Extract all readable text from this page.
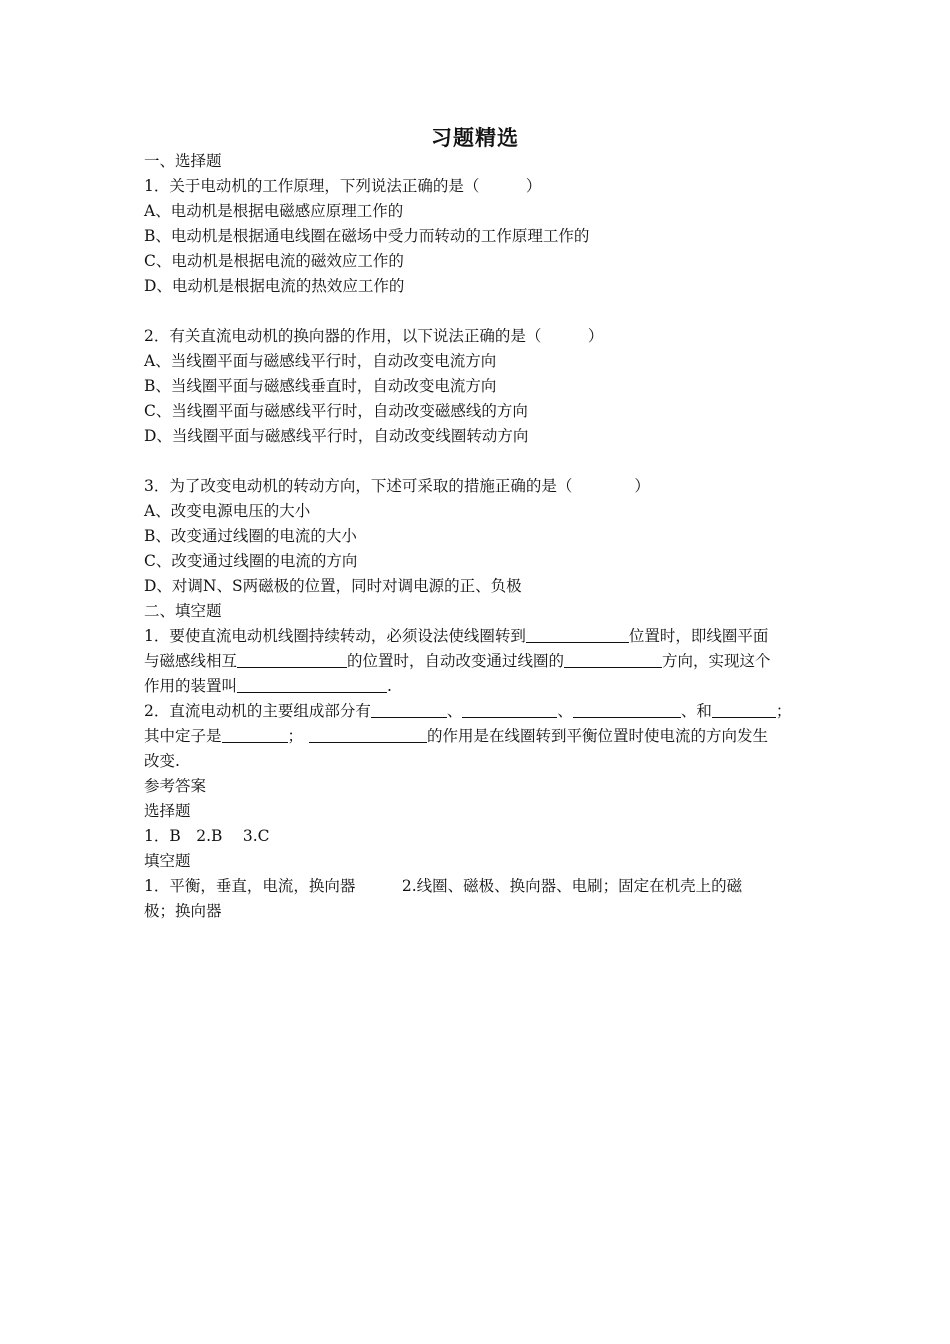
习题精选
一、选择题
1．关于电动机的工作原理，下列说法正确的是（　　　）
A、电动机是根据电磁感应原理工作的
B、电动机是根据通电线圈在磁场中受力而转动的工作原理工作的
C、电动机是根据电流的磁效应工作的
D、电动机是根据电流的热效应工作的
2．有关直流电动机的换向器的作用，以下说法正确的是（　　　）
A、当线圈平面与磁感线平行时，自动改变电流方向
B、当线圈平面与磁感线垂直时，自动改变电流方向
C、当线圈平面与磁感线平行时，自动改变磁感线的方向
D、当线圈平面与磁感线平行时，自动改变线圈转动方向
3．为了改变电动机的转动方向，下述可采取的措施正确的是（　　　　）
A、改变电源电压的大小
B、改变通过线圈的电流的大小
C、改变通过线圈的电流的方向
D、对调N、S两磁极的位置，同时对调电源的正、负极
二、填空题
1．要使直流电动机线圈持续转动，必须设法使线圈转到	位置时，即线圈平面
与磁感线相互	的位置时，自动改变通过线圈的	方向，实现这个
作用的装置叫	.
2．直流电动机的主要组成部分有	、	、	、和	；
其中定子是	；	的作用是在线圈转到平衡位置时使电流的方向发生
改变.
参考答案
选择题
1．B　2.B　 3.C
填空题
1．平衡，垂直，电流，换向器　　　2.线圈、磁极、换向器、电刷；固定在机壳上的磁
极；换向器
